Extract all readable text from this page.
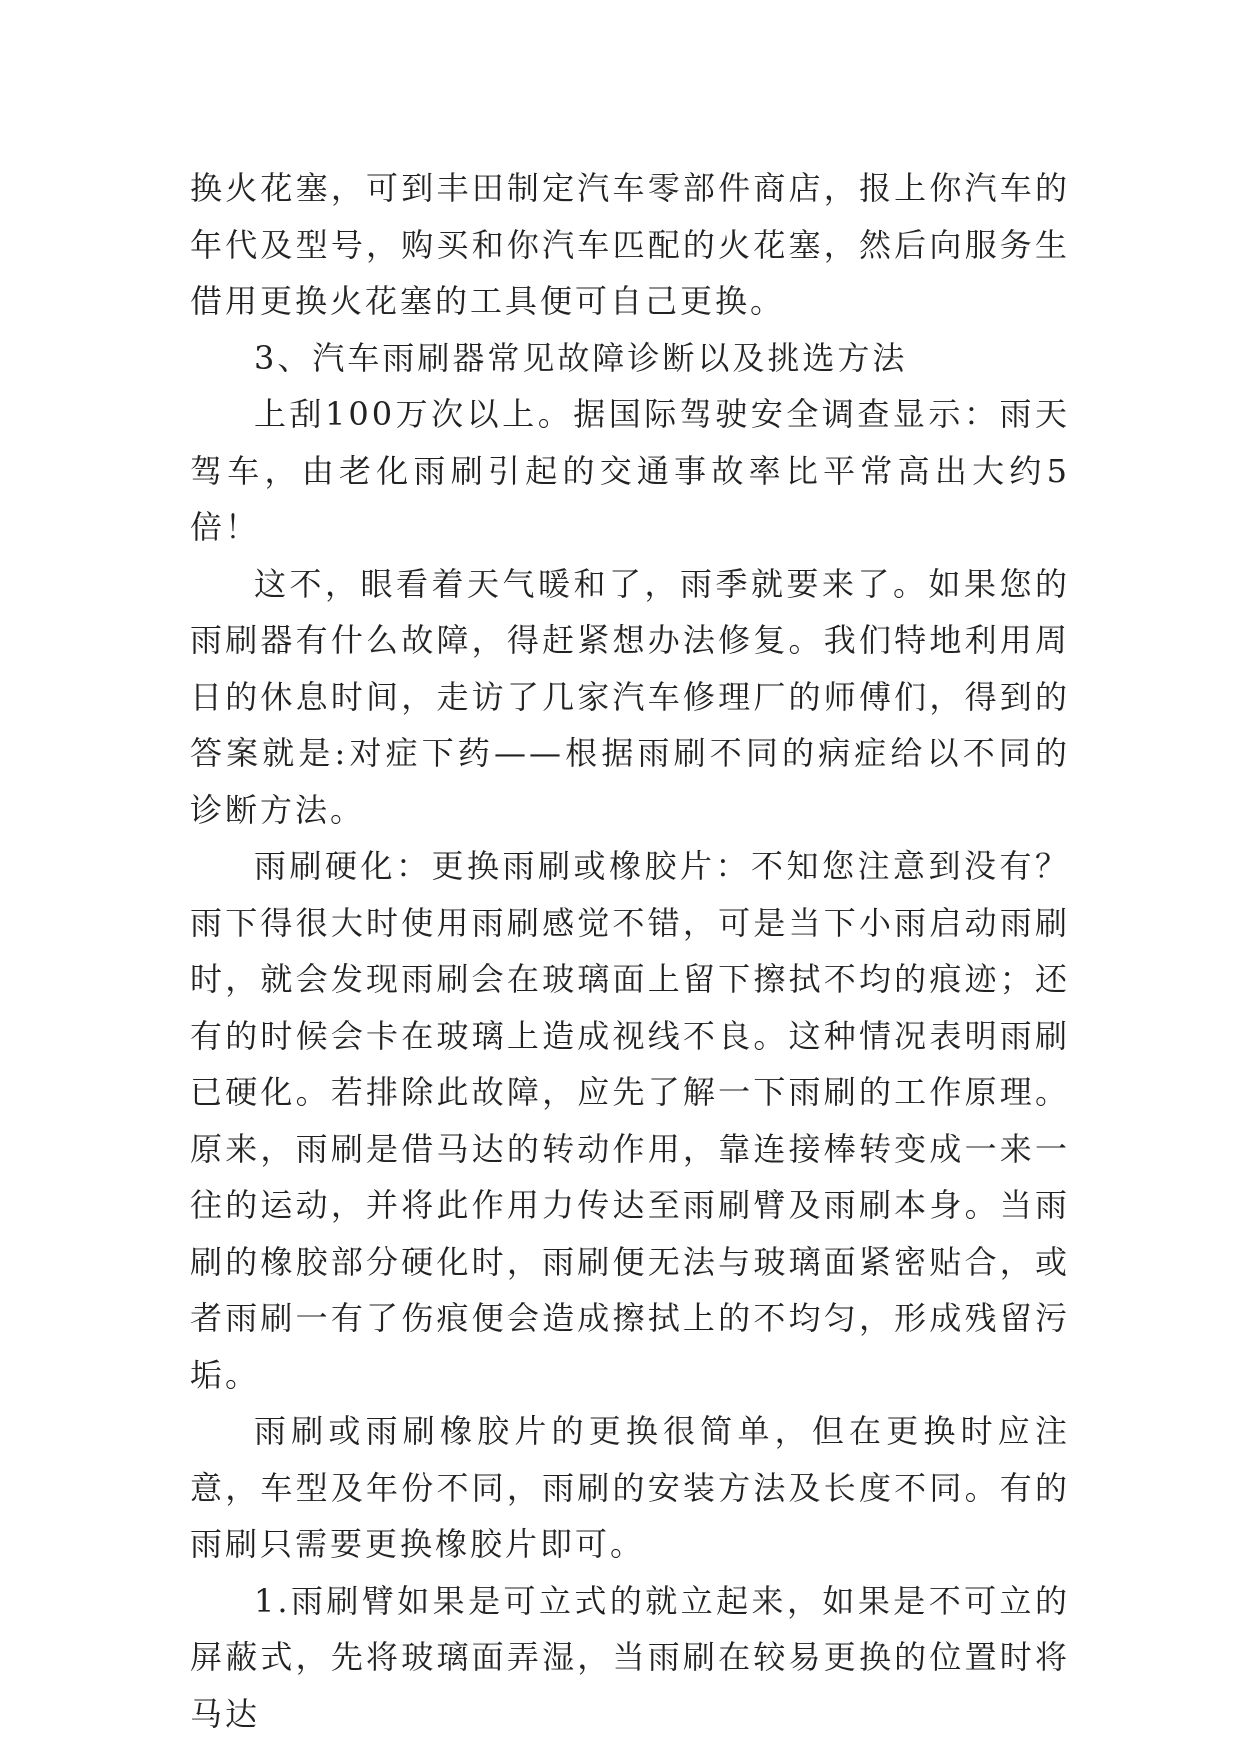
换火花塞，可到丰田制定汽车零部件商店，报上你汽车的年代及型号，购买和你汽车匹配的火花塞，然后向服务生借用更换火花塞的工具便可自己更换。

3、汽车雨刷器常见故障诊断以及挑选方法

上刮100万次以上。据国际驾驶安全调查显示：雨天驾车，由老化雨刷引起的交通事故率比平常高出大约5倍！

这不，眼看着天气暖和了，雨季就要来了。如果您的雨刷器有什么故障，得赶紧想办法修复。我们特地利用周日的休息时间，走访了几家汽车修理厂的师傅们，得到的答案就是:对症下药——根据雨刷不同的病症给以不同的诊断方法。

雨刷硬化：更换雨刷或橡胶片：不知您注意到没有？雨下得很大时使用雨刷感觉不错，可是当下小雨启动雨刷时，就会发现雨刷会在玻璃面上留下擦拭不均的痕迹；还有的时候会卡在玻璃上造成视线不良。这种情况表明雨刷已硬化。若排除此故障，应先了解一下雨刷的工作原理。原来，雨刷是借马达的转动作用，靠连接棒转变成一来一往的运动，并将此作用力传达至雨刷臂及雨刷本身。当雨刷的橡胶部分硬化时，雨刷便无法与玻璃面紧密贴合，或者雨刷一有了伤痕便会造成擦拭上的不均匀，形成残留污垢。

雨刷或雨刷橡胶片的更换很简单，但在更换时应注意，车型及年份不同，雨刷的安装方法及长度不同。有的雨刷只需要更换橡胶片即可。

1.雨刷臂如果是可立式的就立起来，如果是不可立的屏蔽式，先将玻璃面弄湿，当雨刷在较易更换的位置时将马达
